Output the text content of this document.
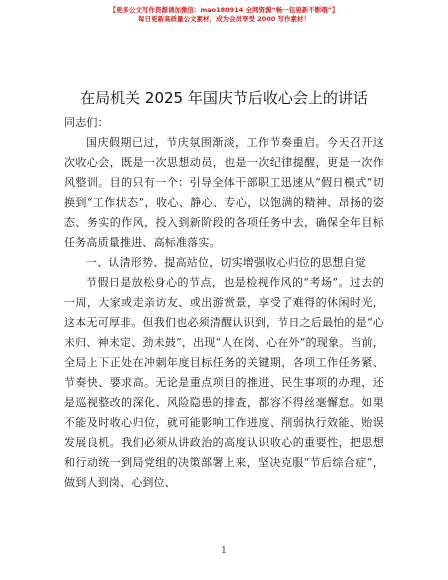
【更多公文写作资源请加微信：mao180914 全网资源“畅一包更新不断哦”】
每日更新高质量公文素材，成为会员享受 2000 写作素材！
在局机关 2025 年国庆节后收心会上的讲话

同志们：

国庆假期已过，节庆氛围渐淡，工作节奏重启。今天召开这次收心会，既是一次思想动员，也是一次纪律提醒，更是一次作风整训。目的只有一个：引导全体干部职工迅速从“假日模式”切换到“工作状态”，收心、静心、专心，以饱满的精神、昂扬的姿态、务实的作风，投入到新阶段的各项任务中去，确保全年目标任务高质量推进、高标准落实。

一、认清形势、提高站位，切实增强收心归位的思想自觉

节假日是放松身心的节点，也是检视作风的“考场”。过去的一周，大家或走亲访友、或出游赏景，享受了难得的休闲时光，这本无可厚非。但我们也必须清醒认识到，节日之后最怕的是“心未归、神未定、劲未鼓”，出现“人在岗、心在外”的现象。当前，全局上下正处在冲刺年度目标任务的关键期，各项工作任务紧、节奏快、要求高。无论是重点项目的推进、民生事项的办理，还是巡视整改的深化、风险隐患的排查，都容不得丝毫懈怠。如果不能及时收心归位，就可能影响工作进度、削弱执行效能、贻误发展良机。我们必须从讲政治的高度认识收心的重要性，把思想和行动统一到局党组的决策部署上来，坚决克服“节后综合症”，做到人到岗、心到位、

1
